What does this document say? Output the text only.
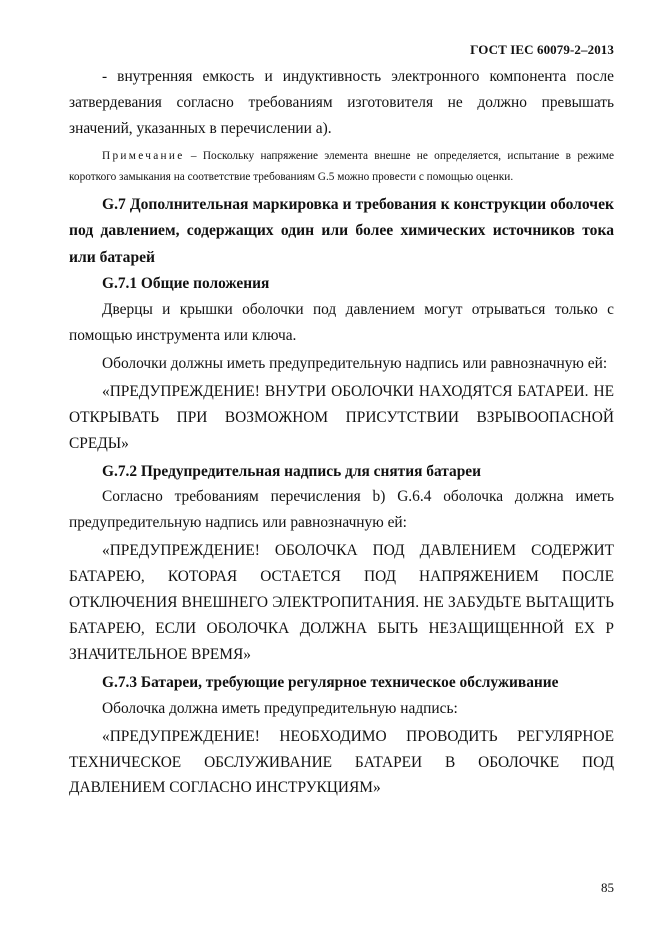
ГОСТ IEC 60079-2–2013

- внутренняя емкость и индуктивность электронного компонента после затвердевания согласно требованиям изготовителя не должно превышать значений, указанных в перечислении а).

Примечание – Поскольку напряжение элемента внешне не определяется, испытание в режиме короткого замыкания на соответствие требованиям G.5 можно провести с помощью оценки.

G.7 Дополнительная маркировка и требования к конструкции оболочек под давлением, содержащих один или более химических источников тока или батарей

G.7.1 Общие положения

Дверцы и крышки оболочки под давлением могут отрываться только с помощью инструмента или ключа.

Оболочки должны иметь предупредительную надпись или равнозначную ей:

«ПРЕДУПРЕЖДЕНИЕ! ВНУТРИ ОБОЛОЧКИ НАХОДЯТСЯ БАТАРЕИ. НЕ ОТКРЫВАТЬ ПРИ ВОЗМОЖНОМ ПРИСУТСТВИИ ВЗРЫВООПАСНОЙ СРЕДЫ»

G.7.2 Предупредительная надпись для снятия батареи

Согласно требованиям перечисления b) G.6.4 оболочка должна иметь предупредительную надпись или равнозначную ей:

«ПРЕДУПРЕЖДЕНИЕ! ОБОЛОЧКА ПОД ДАВЛЕНИЕМ СОДЕРЖИТ БАТАРЕЮ, КОТОРАЯ ОСТАЕТСЯ ПОД НАПРЯЖЕНИЕМ ПОСЛЕ ОТКЛЮЧЕНИЯ ВНЕШНЕГО ЭЛЕКТРОПИТАНИЯ. НЕ ЗАБУДЬТЕ ВЫТАЩИТЬ БАТАРЕЮ, ЕСЛИ ОБОЛОЧКА ДОЛЖНА БЫТЬ НЕЗАЩИЩЕННОЙ ЕХ Р ЗНАЧИТЕЛЬНОЕ ВРЕМЯ»

G.7.3 Батареи, требующие регулярное техническое обслуживание

Оболочка должна иметь предупредительную надпись:

«ПРЕДУПРЕЖДЕНИЕ! НЕОБХОДИМО ПРОВОДИТЬ РЕГУЛЯРНОЕ ТЕХНИЧЕСКОЕ ОБСЛУЖИВАНИЕ БАТАРЕИ В ОБОЛОЧКЕ ПОД ДАВЛЕНИЕМ СОГЛАСНО ИНСТРУКЦИЯМ»

85
